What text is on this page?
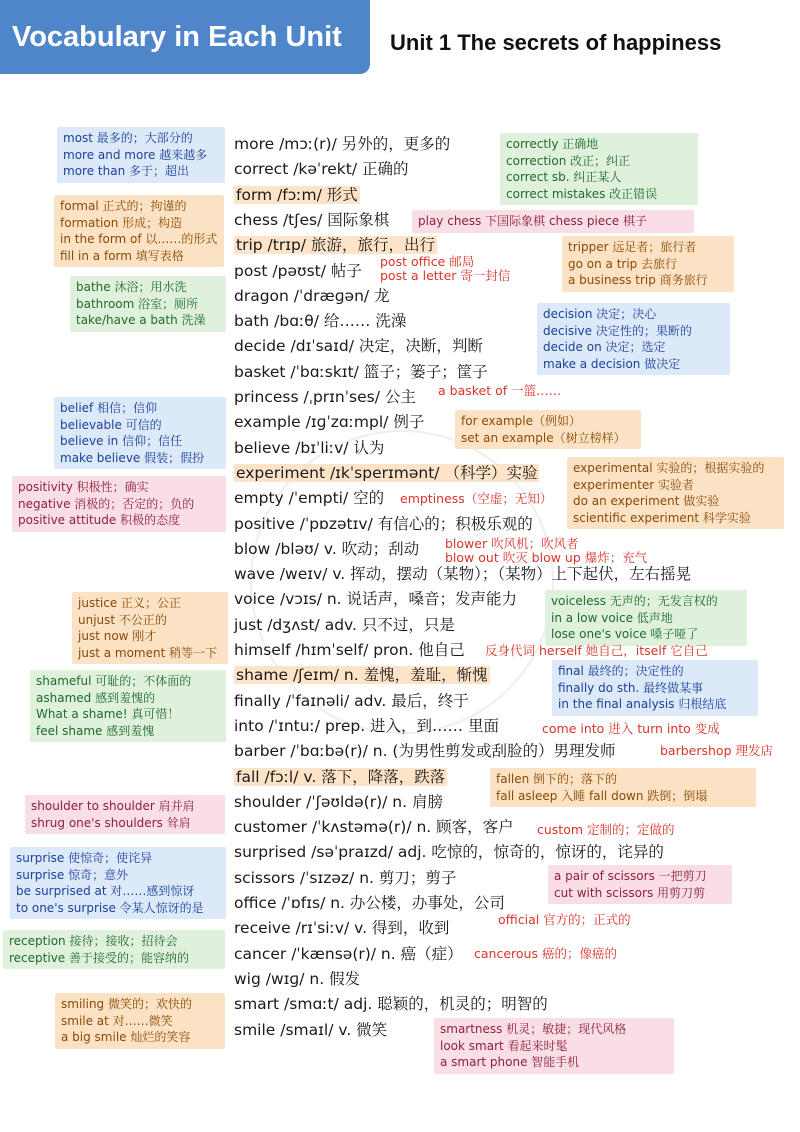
Vocabulary in Each Unit	Unit 1 The secrets of happiness
more /mɔː(r)/ 另外的，更多的
correct /kəˈrekt/ 正确的
form /fɔːm/ 形式
chess /tʃes/ 国际象棋
trip /trɪp/ 旅游，旅行，出行
post /pəʊst/ 帖子
dragon /ˈdræɡən/ 龙
bath /bɑːθ/ 给…… 洗澡
decide /dɪˈsaɪd/ 决定，决断，判断
basket /ˈbɑːskɪt/ 篮子；篓子；筐子
princess /ˌprɪnˈses/ 公主
example /ɪɡˈzɑːmpl/ 例子
believe /bɪˈliːv/ 认为
experiment /ɪkˈsperɪmənt/ （科学）实验
empty /ˈempti/ 空的
positive /ˈpɒzətɪv/ 有信心的；积极乐观的
blow /bləʊ/ v. 吹动；刮动
wave /weɪv/ v. 挥动，摆动（某物）；（某物）上下起伏，左右摇晃
voice /vɔɪs/ n. 说话声，嗓音；发声能力
just /dʒʌst/ adv. 只不过，只是
himself /hɪmˈself/ pron. 他自己
shame /ʃeɪm/ n. 羞愧，羞耻，惭愧
finally /ˈfaɪnəli/ adv. 最后，终于
into /ˈɪntuː/ prep. 进入，到…… 里面
barber /ˈbɑːbə(r)/ n. (为男性剪发或刮脸的）男理发师
fall /fɔːl/ v. 落下，降落，跌落
shoulder /ˈʃəʊldə(r)/ n. 肩膀
customer /ˈkʌstəmə(r)/ n. 顾客，客户
surprised /səˈpraɪzd/ adj. 吃惊的，惊奇的，惊讶的，诧异的
scissors /ˈsɪzəz/ n. 剪刀；剪子
office /ˈɒfɪs/ n. 办公楼，办事处，公司
receive /rɪˈsiːv/ v. 得到，收到
cancer /ˈkænsə(r)/ n. 癌（症）
wig /wɪɡ/ n. 假发
smart /smɑːt/ adj. 聪颖的，机灵的；明智的
smile /smaɪl/ v. 微笑
most 最多的；大部分的
more and more 越来越多
more than 多于；超出
formal 正式的；拘谨的
formation 形成；构造
in the form of 以……的形式
fill in a form 填写表格
bathe 沐浴；用水洗
bathroom 浴室；厕所
take/have a bath 洗澡
belief 相信；信仰
believable 可信的
believe in 信仰；信任
make believe 假装；假扮
positivity 积极性；确实
negative 消极的；否定的；负的
positive attitude 积极的态度
justice 正义；公正
unjust 不公正的
just now 刚才
just a moment 稍等一下
shameful 可耻的；不体面的
ashamed 感到羞愧的
What a shame! 真可惜！
feel shame 感到羞愧
shoulder to shoulder 肩并肩
shrug one's shoulders 耸肩
surprise 使惊奇；使诧异
surprise 惊奇；意外
be surprised at 对……感到惊讶
to one's surprise 令某人惊讶的是
reception 接待；接收；招待会
receptive 善于接受的；能容纳的
smiling 微笑的；欢快的
smile at 对……微笑
a big smile 灿烂的笑容
correctly 正确地
correction 改正；纠正
correct sb. 纠正某人
correct mistakes 改正错误
play chess 下国际象棋 chess piece 棋子
tripper 远足者；旅行者
go on a trip 去旅行
a business trip 商务旅行
decision 决定；决心
decisive 决定性的；果断的
decide on 决定；选定
make a decision 做决定
for example（例如）
set an example（树立榜样）
experimental 实验的；根据实验的
experimenter 实验者
do an experiment 做实验
scientific experiment 科学实验
voiceless 无声的；无发言权的
in a low voice 低声地
lose one's voice 嗓子哑了
final 最终的；决定性的
finally do sth. 最终做某事
in the final analysis 归根结底
fallen 倒下的；落下的
fall asleep 入睡 fall down 跌倒；倒塌
a pair of scissors 一把剪刀
cut with scissors 用剪刀剪
smartness 机灵；敏捷；现代风格
look smart 看起来时髦
a smart phone 智能手机
post office 邮局
post a letter 寄一封信
a basket of 一篮……
emptiness（空虚；无知）
blower 吹风机；吹风者
blow out 吹灭 blow up 爆炸；充气
反身代词 herself 她自己，itself 它自己
come into 进入 turn into 变成
barbershop 理发店
custom 定制的；定做的
official 官方的；正式的
cancerous 癌的；像癌的
